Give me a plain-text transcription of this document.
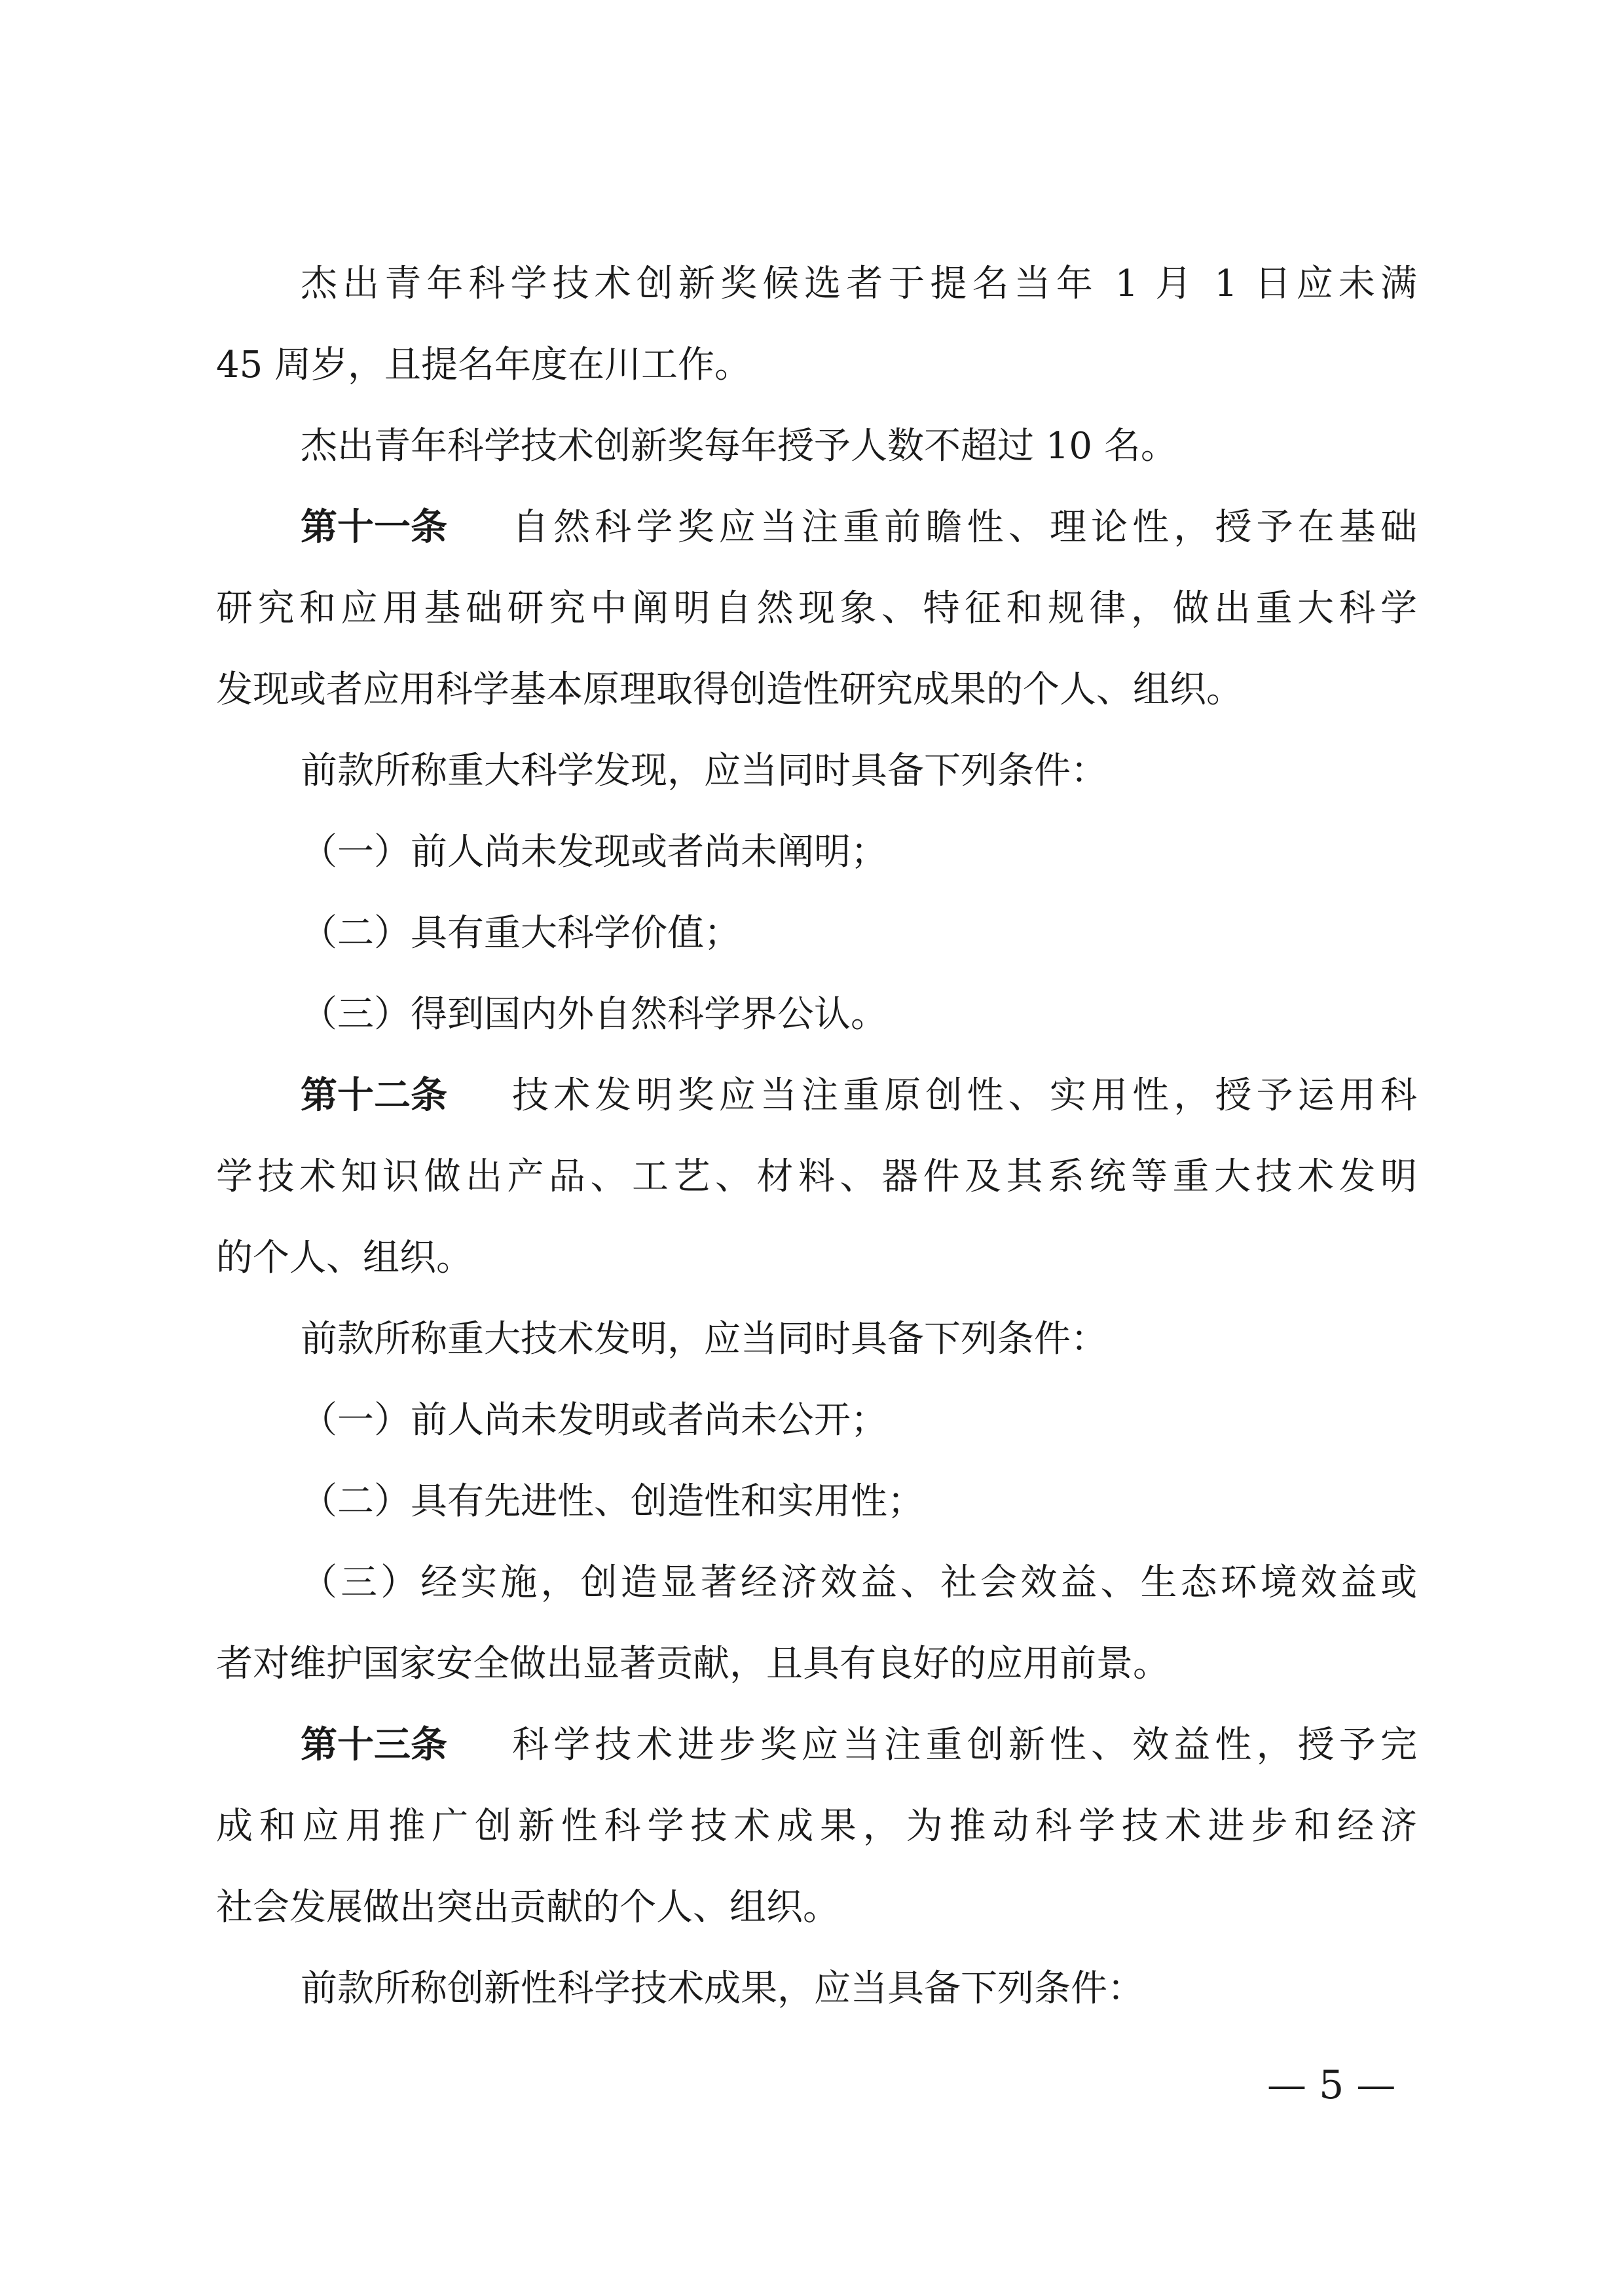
杰出青年科学技术创新奖候选者于提名当年 1 月 1 日应未满
45 周岁，且提名年度在川工作。
杰出青年科学技术创新奖每年授予人数不超过 10 名。
第十一条 自然科学奖应当注重前瞻性、理论性，授予在基础
研究和应用基础研究中阐明自然现象、特征和规律，做出重大科学
发现或者应用科学基本原理取得创造性研究成果的个人、组织。
前款所称重大科学发现，应当同时具备下列条件：
（一）前人尚未发现或者尚未阐明；
（二）具有重大科学价值；
（三）得到国内外自然科学界公认。
第十二条 技术发明奖应当注重原创性、实用性，授予运用科
学技术知识做出产品、工艺、材料、器件及其系统等重大技术发明
的个人、组织。
前款所称重大技术发明，应当同时具备下列条件：
（一）前人尚未发明或者尚未公开；
（二）具有先进性、创造性和实用性；
（三）经实施，创造显著经济效益、社会效益、生态环境效益或
者对维护国家安全做出显著贡献，且具有良好的应用前景。
第十三条 科学技术进步奖应当注重创新性、效益性，授予完
成和应用推广创新性科学技术成果，为推动科学技术进步和经济
社会发展做出突出贡献的个人、组织。
前款所称创新性科学技术成果，应当具备下列条件：
— 5 —
